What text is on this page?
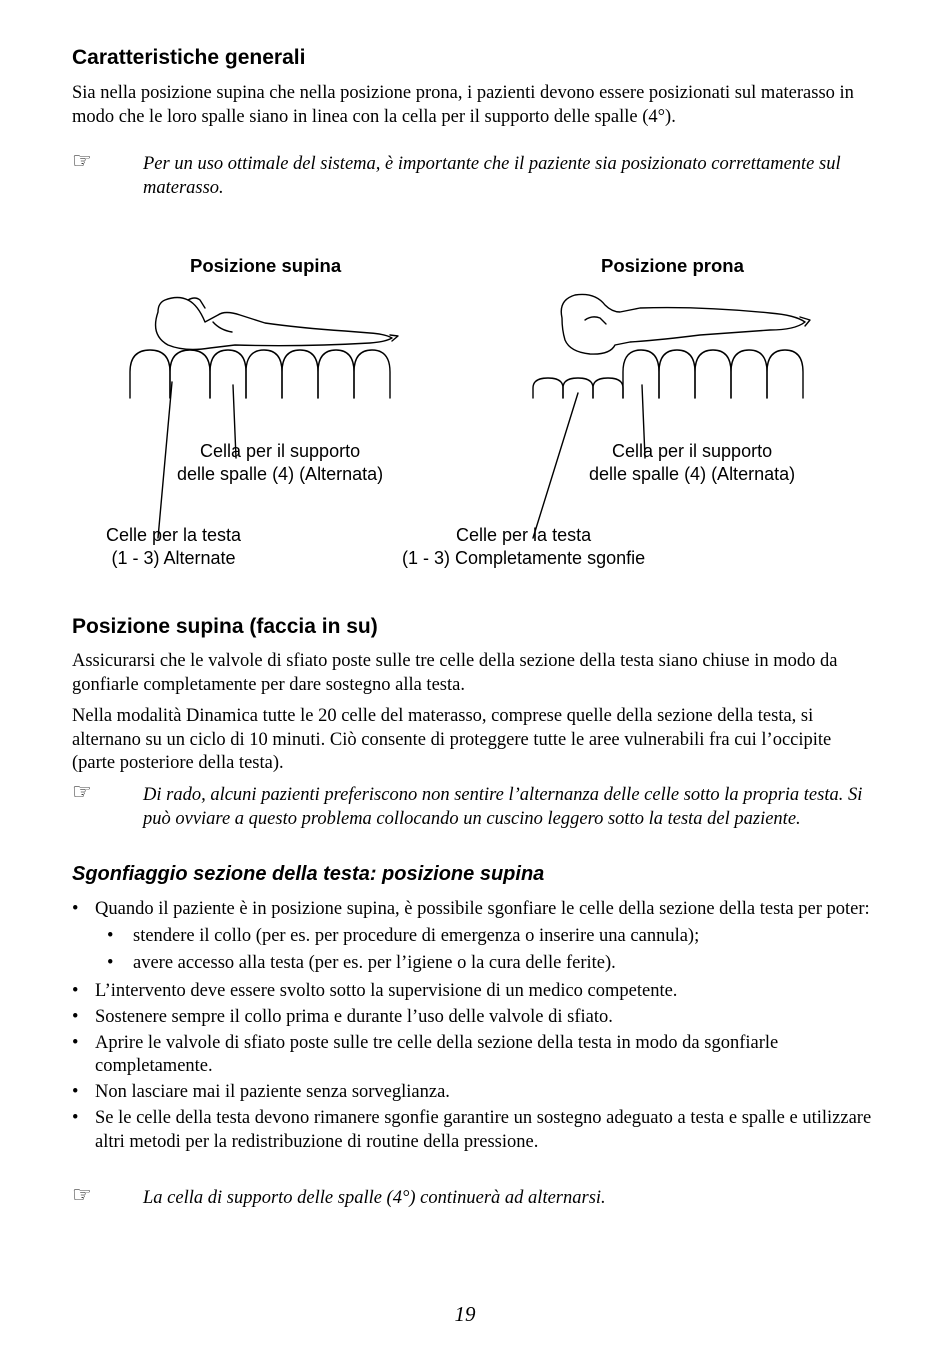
Caratteristiche generali

Sia nella posizione supina che nella posizione prona, i pazienti devono essere posizionati sul materasso in modo che le loro spalle siano in linea con la cella per il supporto delle spalle (4°).

☞	Per un uso ottimale del sistema, è importante che il paziente sia posizionato correttamente sul materasso.
Posizione supina	Posizione prona
Cella per il supporto
delle spalle (4) (Alternata)
Cella per il supporto
delle spalle (4) (Alternata)
Celle per la testa
(1 - 3) Alternate
Celle per la testa
(1 - 3) Completamente sgonfie
Posizione supina (faccia in su)

Assicurarsi che le valvole di sfiato poste sulle tre celle della sezione della testa siano chiuse in modo da gonfiarle completamente per dare sostegno alla testa.

Nella modalità Dinamica tutte le 20 celle del materasso, comprese quelle della sezione della testa, si alternano su un ciclo di 10 minuti. Ciò consente di proteggere tutte le aree vulnerabili fra cui l’occipite (parte posteriore della testa).

☞	Di rado, alcuni pazienti preferiscono non sentire l’alternanza delle celle sotto la propria testa. Si può ovviare a questo problema collocando un cuscino leggero sotto la testa del paziente.
Sgonfiaggio sezione della testa: posizione supina
• Quando il paziente è in posizione supina, è possibile sgonfiare le celle della sezione della testa per poter:
• stendere il collo (per es. per procedure di emergenza o inserire una cannula);
• avere accesso alla testa (per es. per l’igiene o la cura delle ferite).
• L’intervento deve essere svolto sotto la supervisione di un medico competente.
• Sostenere sempre il collo prima e durante l’uso delle valvole di sfiato.
• Aprire le valvole di sfiato poste sulle tre celle della sezione della testa in modo da sgonfiarle completamente.
• Non lasciare mai il paziente senza sorveglianza.
• Se le celle della testa devono rimanere sgonfie garantire un sostegno adeguato a testa e spalle e utilizzare altri metodi per la redistribuzione di routine della pressione.
☞	La cella di supporto delle spalle (4°) continuerà ad alternarsi.
19
